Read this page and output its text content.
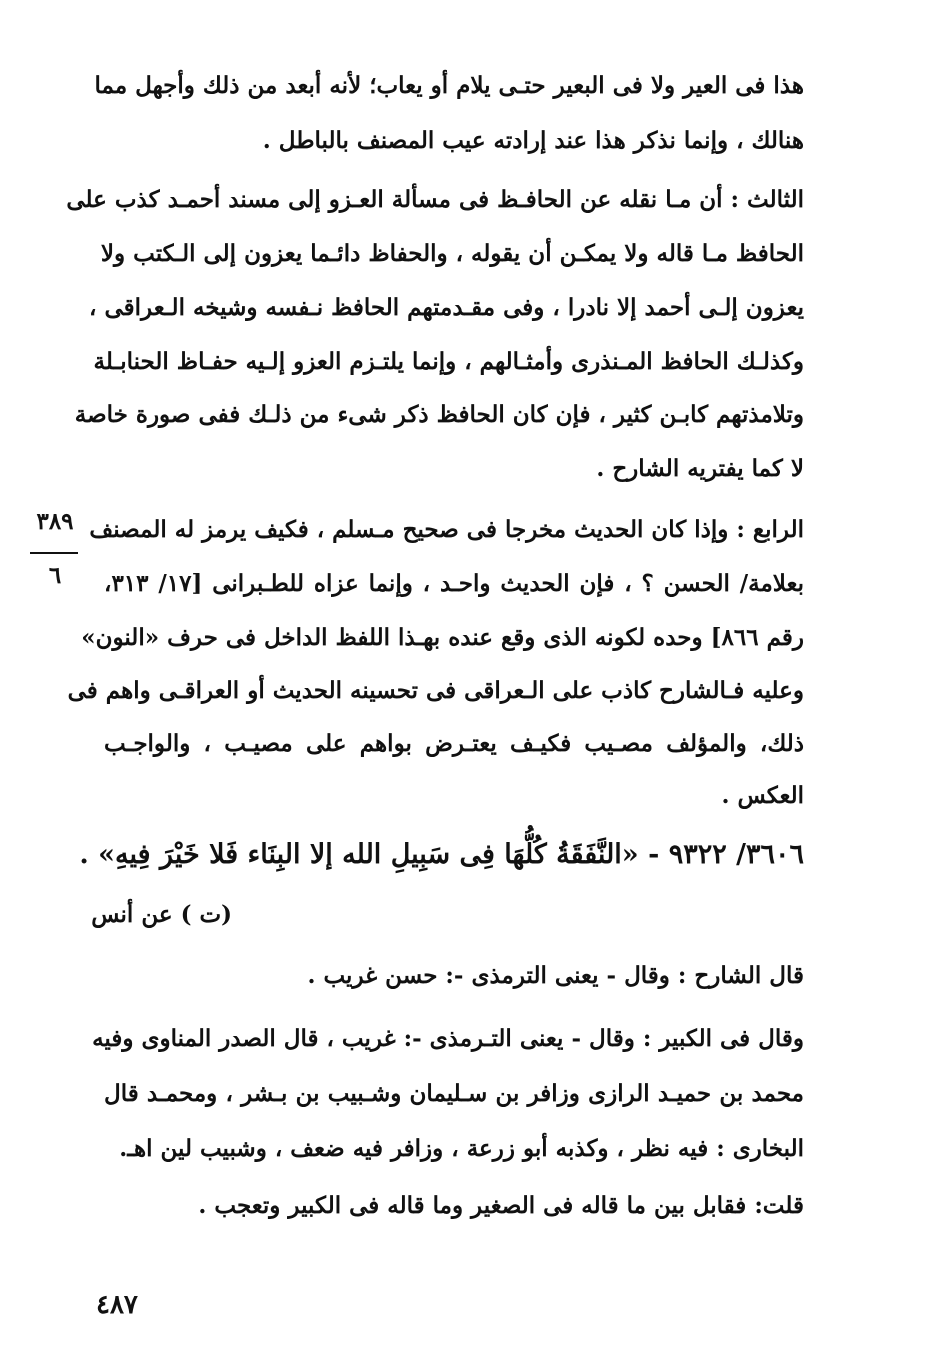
هذا فى العير ولا فى البعير حتـى يلام أو يعاب؛ لأنه أبعد من ذلك وأجهل مما
هنالك ، وإنما نذكر هذا عند إرادته عيب المصنف بالباطل .
الثالث : أن مـا نقله عن الحافـظ فى مسألة العـزو إلى مسند أحمـد كذب على
الحافظ مـا قاله ولا يمكـن أن يقوله ، والحفاظ دائـما يعزون إلى الـكتب ولا
يعزون إلـى أحمد إلا نادرا ، وفى مقـدمتهم الحافظ نـفسه وشيخه الـعراقى ،
وكذلـك الحافظ المـنذرى وأمثـالهم ، وإنما يلتـزم العزو إلـيه حفـاظ الحنابـلة
وتلامذتهم كابـن كثير ، فإن كان الحافظ ذكر شىء من ذلـك ففى صورة خاصة
لا كما يفتريه الشارح .
الرابع : وإذا كان الحديث مخرجا فى صحيح مـسلم ، فكيف يرمز له المصنف
بعلامة/ الحسن ؟ ، فإن الحديث واحـد ، وإنما عزاه للطـبرانى [١٧/ ٣١٣،
رقم ٨٦٦] وحده لكونه الذى وقع عنده بهـذا اللفظ الداخل فى حرف «النون»
وعليه فـالشارح كاذب على الـعراقى فى تحسينه الحديث أو العراقـى واهم فى
ذلك، والمؤلف مصـيب فكيـف يعتـرض بواهم على مصيـب ، والواجـب
العكس .
٣٦٠٦/ ٩٣٢٢ - «النَّفَقَةُ كُلُّهَا فِى سَبِيلِ الله إلا البِنَاء فَلا خَيْرَ فِيهِ» .
(ت ) عن أنس
قال الشارح : وقال - يعنى الترمذى -: حسن غريب .
وقال فى الكبير : وقال - يعنى التـرمذى -: غريب ، قال الصدر المناوى وفيه
محمد بن حميـد الرازى وزافر بن سـليمان وشـبيب بن بـشر ، ومحمـد قال
البخارى : فيه نظر ، وكذبه أبو زرعة ، وزافر فيه ضعف ، وشبيب لين اهـ.
قلت: فقابل بين ما قاله فى الصغير وما قاله فى الكبير وتعجب .
٣٨٩
٦
٤٨٧
